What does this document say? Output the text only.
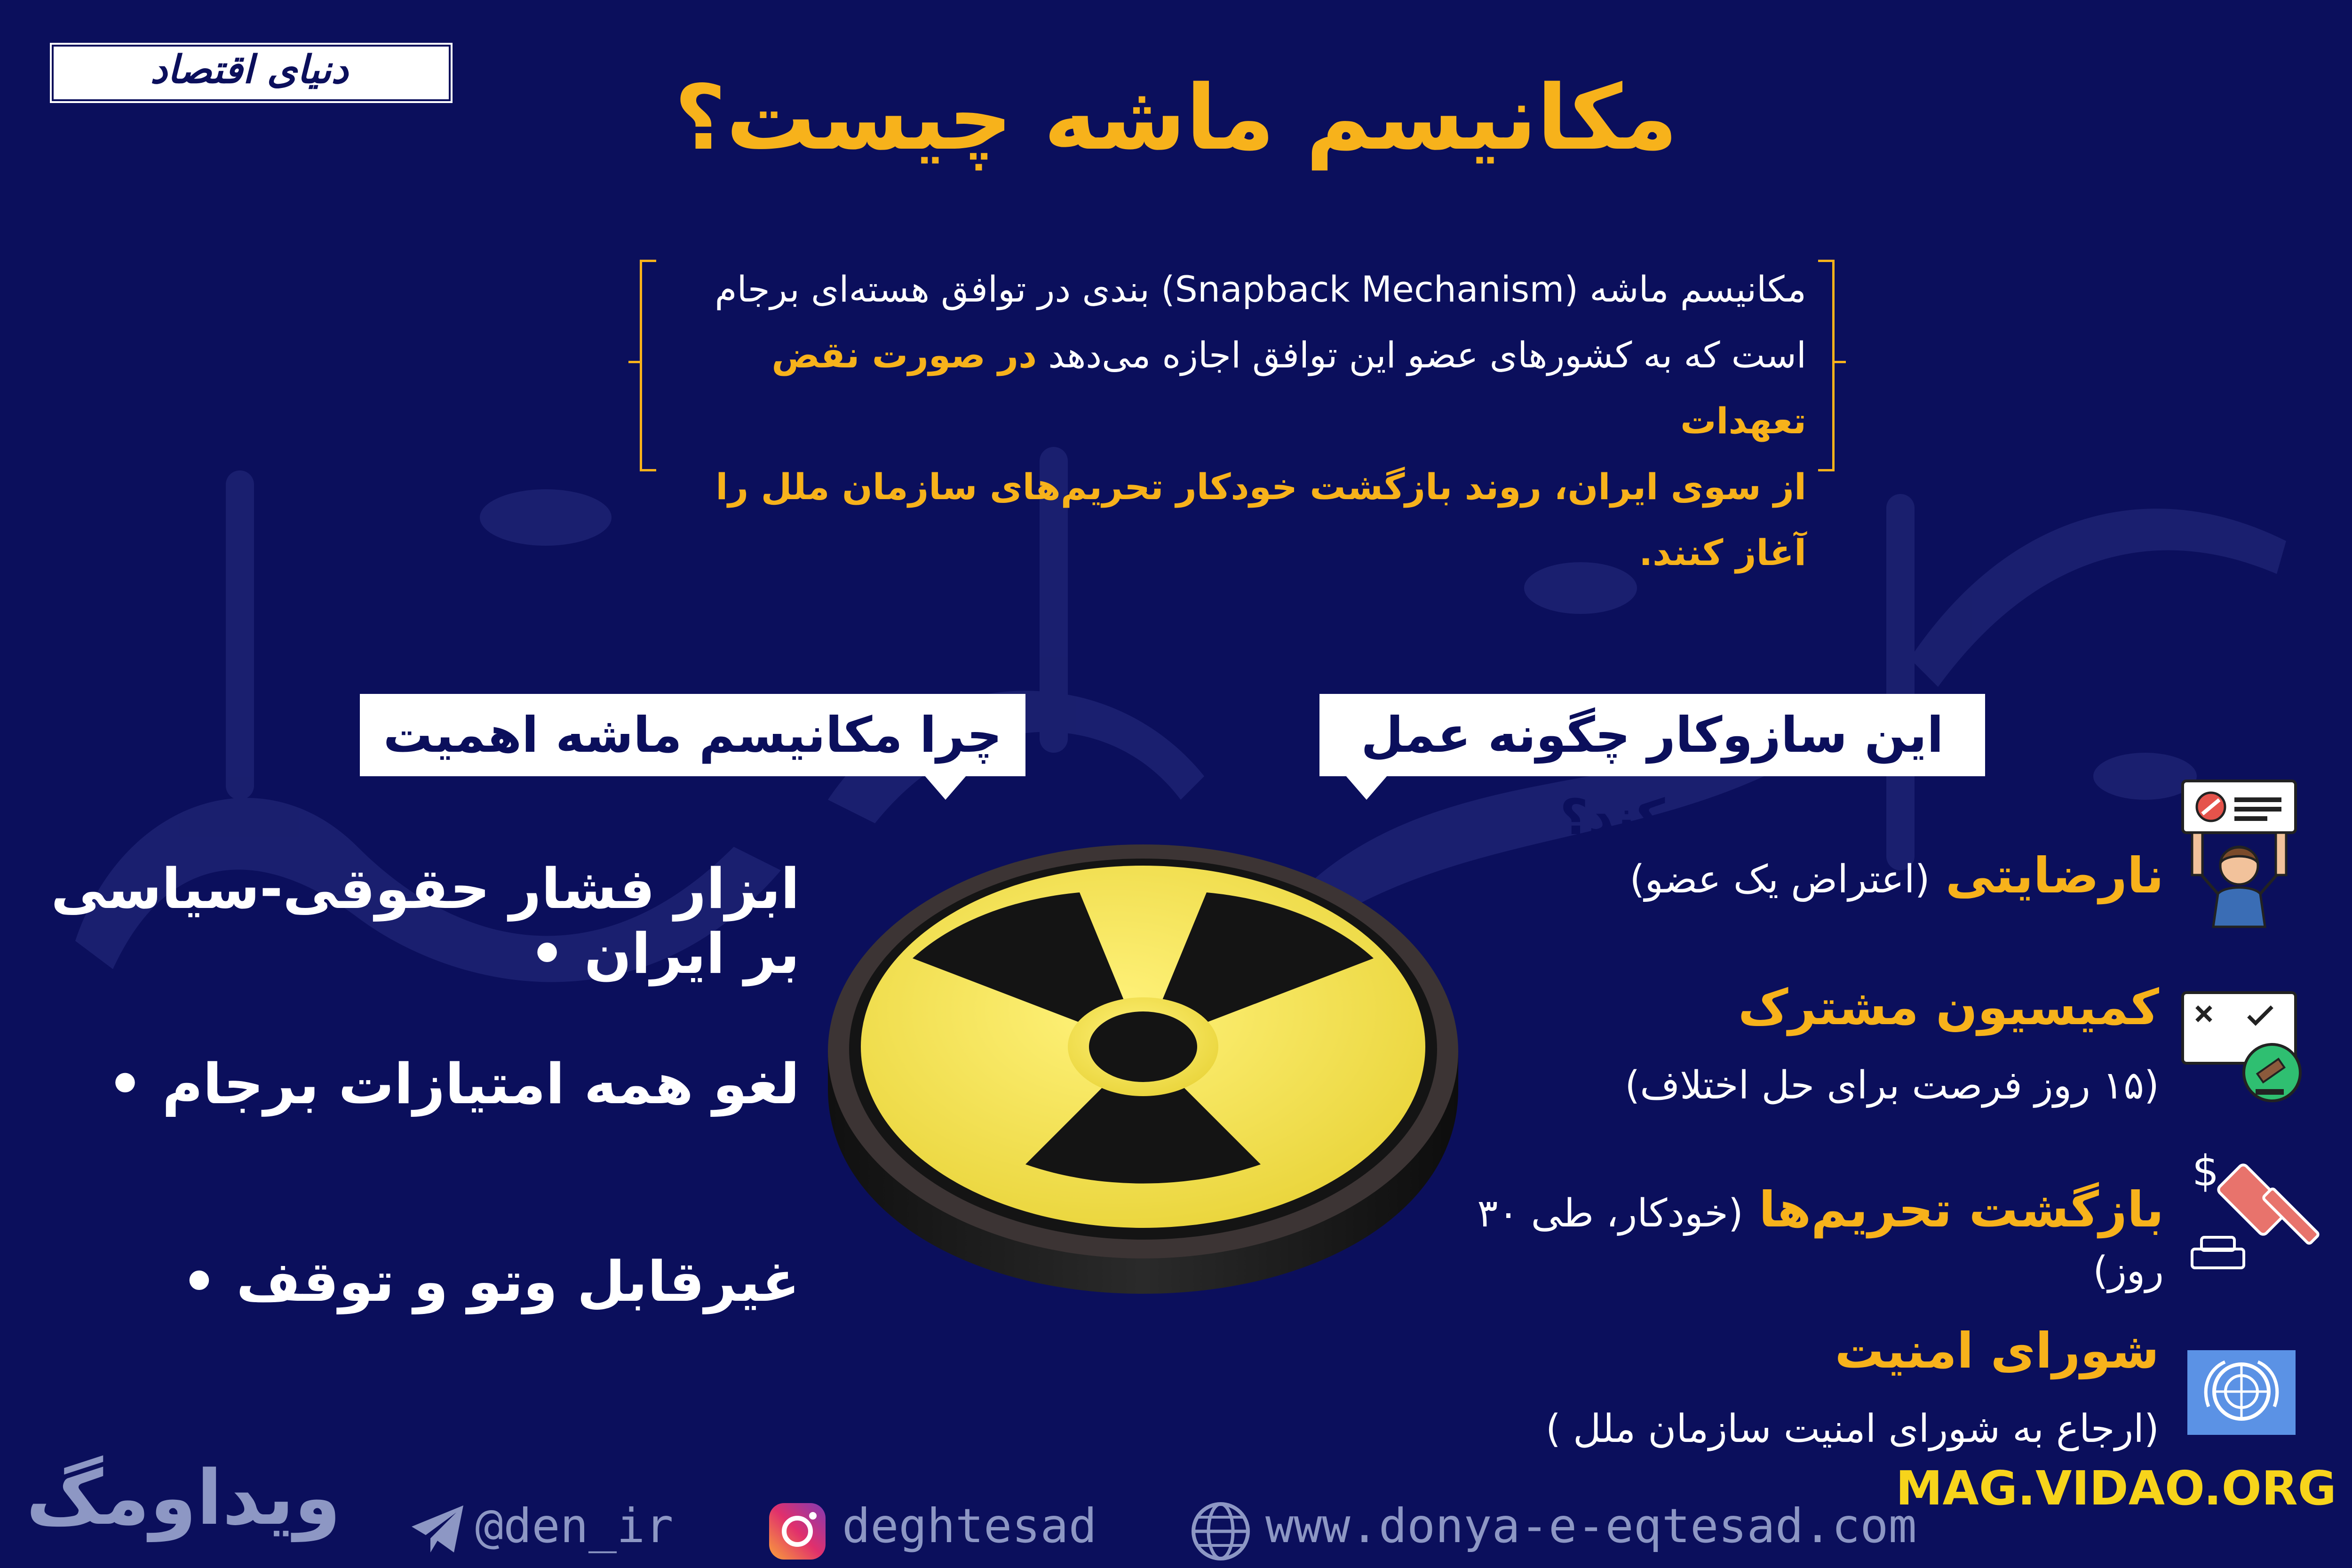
دنیای اقتصاد	مکانیسم ماشه چیست؟
مکانیسم ماشه (Snapback Mechanism) بندی در توافق هسته‌ای برجام
است که به کشورهای عضو این توافق اجازه می‌دهد در صورت نقض تعهدات
از سوی ایران، روند بازگشت خودکار تحریم‌های سازمان ملل را آغاز کنند.
این سازوکار چگونه عمل می‌کند؟
چرا مکانیسم ماشه اهمیت دارد؟
ابزار فشار حقوقی-سیاسی بر ایران •
لغو همه امتیازات برجام •
غیرقابل وتو و توقف •
نارضایتی (اعتراض یک عضو)
کمیسیون مشترک
(۱۵ روز فرصت برای حل اختلاف)
$
بازگشت تحریم‌ها (خودکار، طی ۳۰ روز)
شورای امنیت
(ارجاع به شورای امنیت سازمان ملل )
ویداومگ	@den_ir	deghtesad	www.donya-e-eqtesad.com
MAG.VIDAO.ORG
